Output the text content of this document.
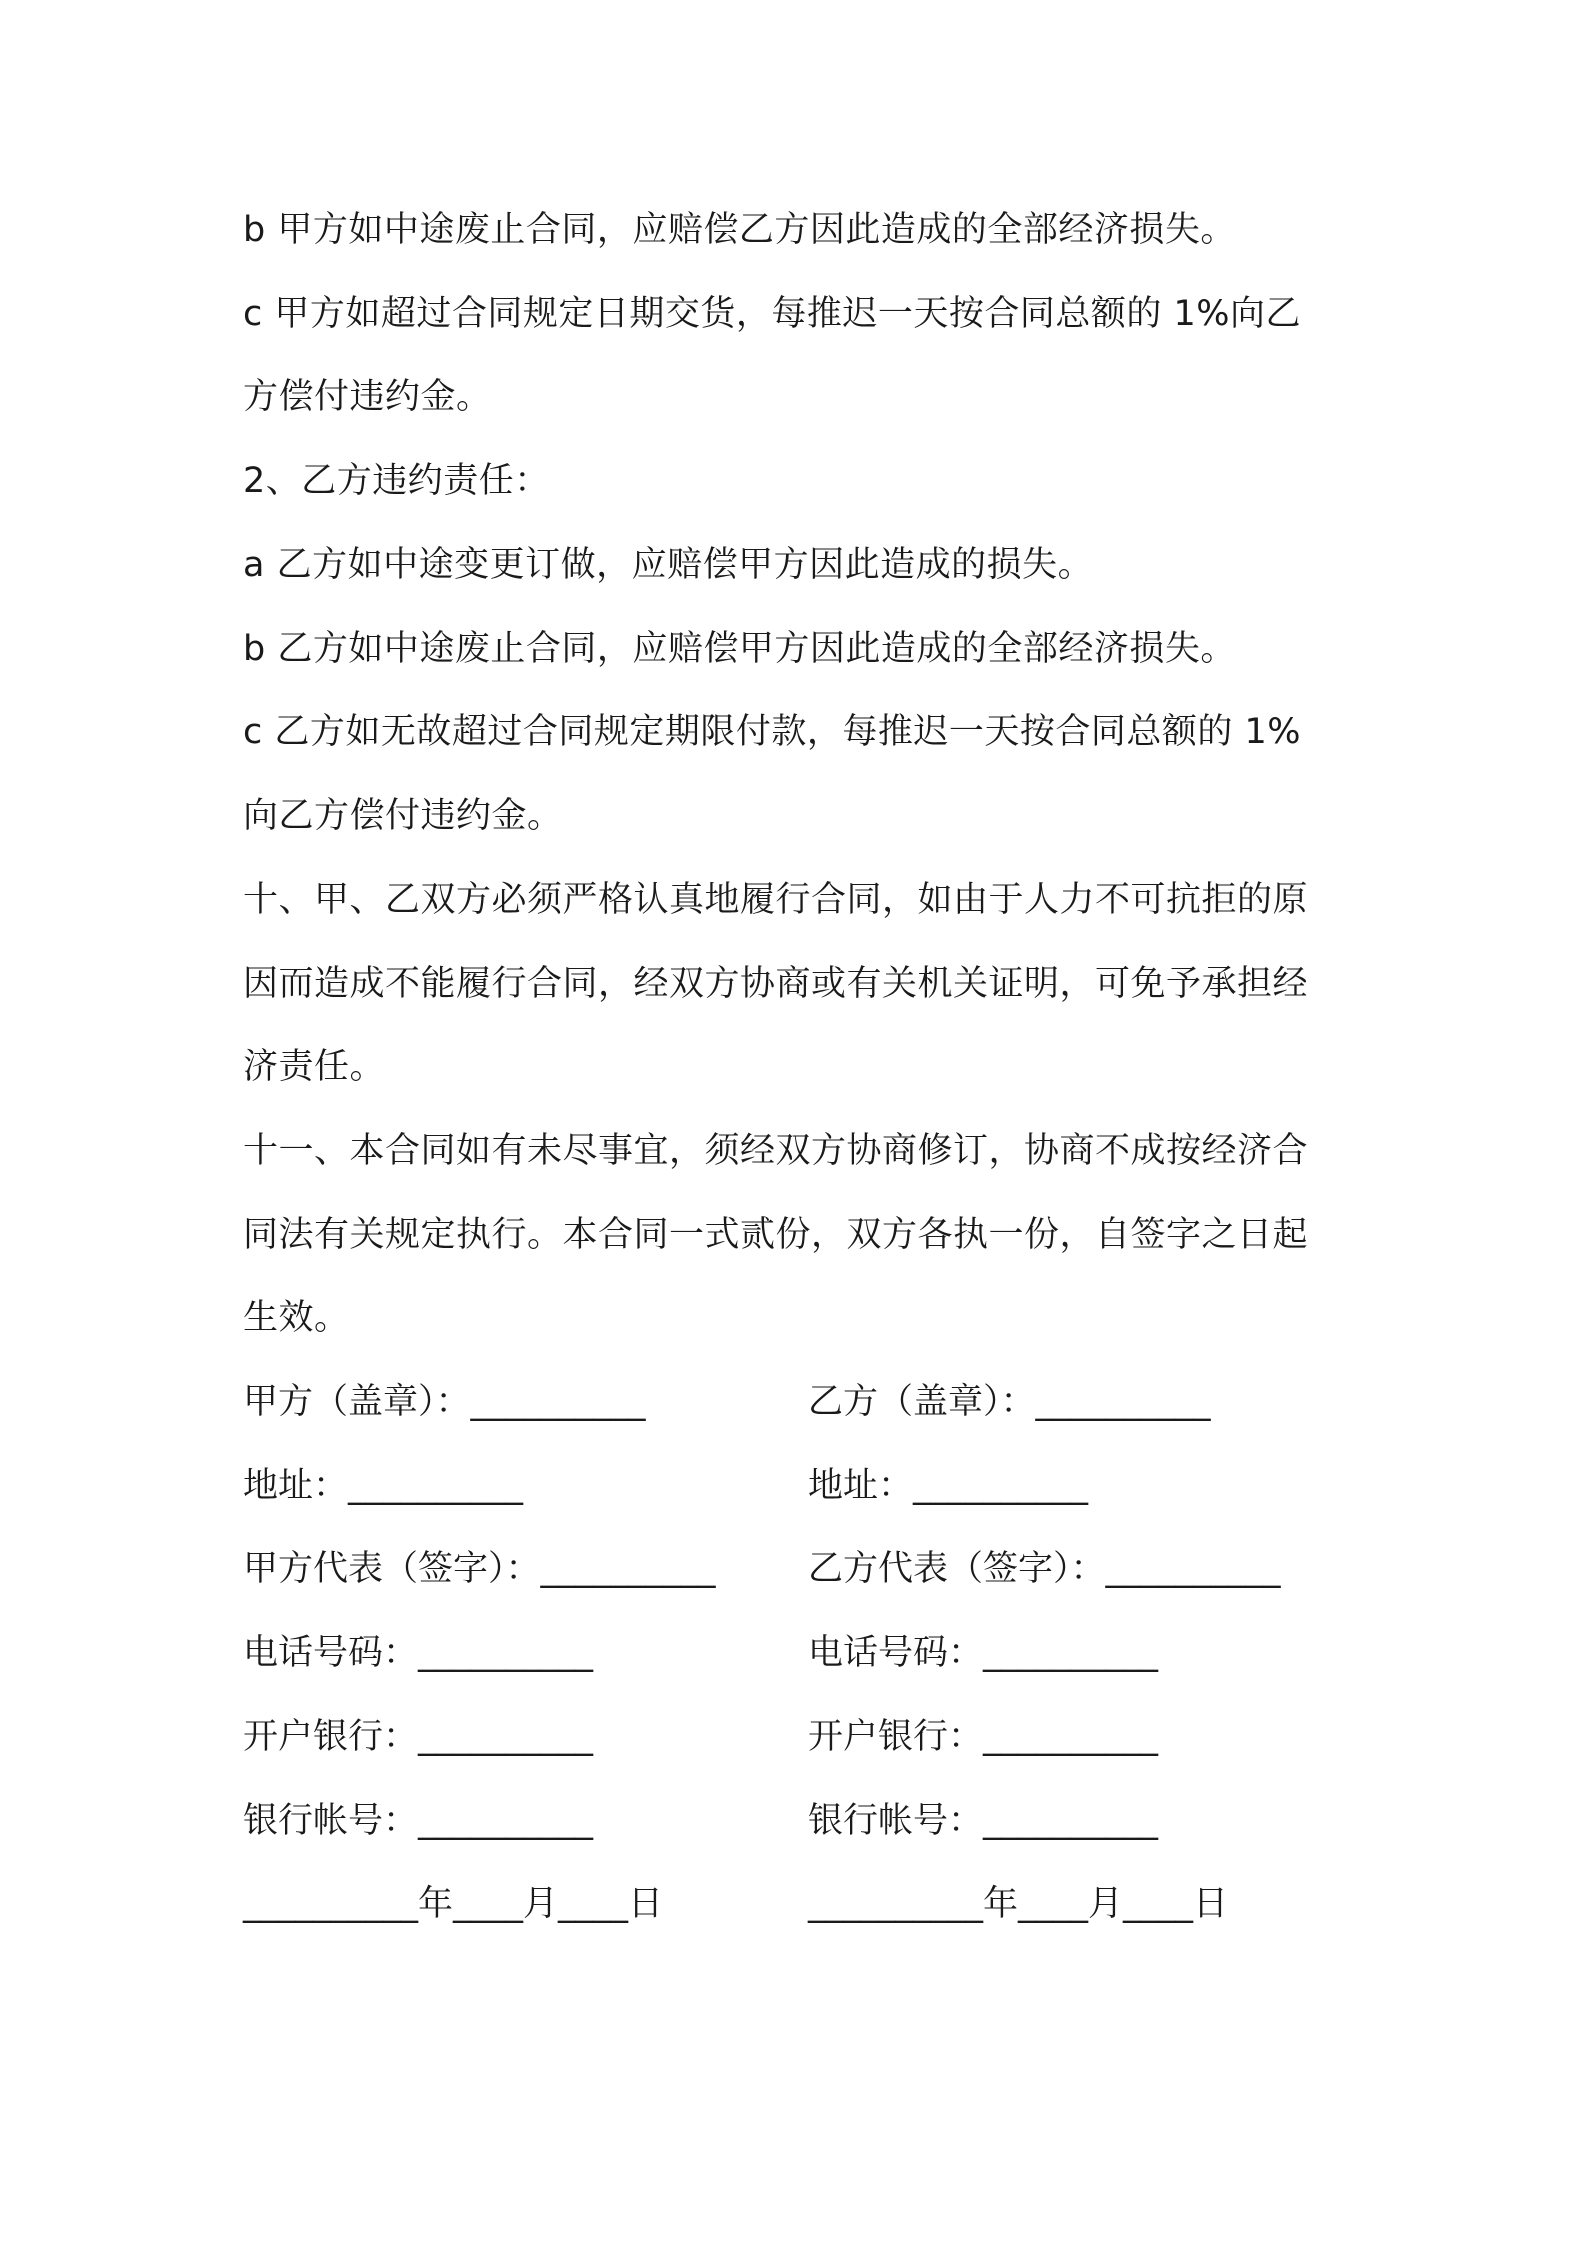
b 甲方如中途废止合同，应赔偿乙方因此造成的全部经济损失。
c 甲方如超过合同规定日期交货，每推迟一天按合同总额的 1%向乙
方偿付违约金。
2、乙方违约责任：
a 乙方如中途变更订做，应赔偿甲方因此造成的损失。
b 乙方如中途废止合同，应赔偿甲方因此造成的全部经济损失。
c 乙方如无故超过合同规定期限付款，每推迟一天按合同总额的 1%
向乙方偿付违约金。
十、甲、乙双方必须严格认真地履行合同，如由于人力不可抗拒的原
因而造成不能履行合同，经双方协商或有关机关证明，可免予承担经
济责任。
十一、本合同如有未尽事宜，须经双方协商修订，协商不成按经济合
同法有关规定执行。本合同一式贰份，双方各执一份，自签字之日起
生效。
甲方（盖章）：__________
地址：__________
甲方代表（签字）：__________
电话号码：__________
开户银行：__________
银行帐号：__________
__________年____月____日
乙方（盖章）：__________
地址：__________
乙方代表（签字）：__________
电话号码：__________
开户银行：__________
银行帐号：__________
__________年____月____日
